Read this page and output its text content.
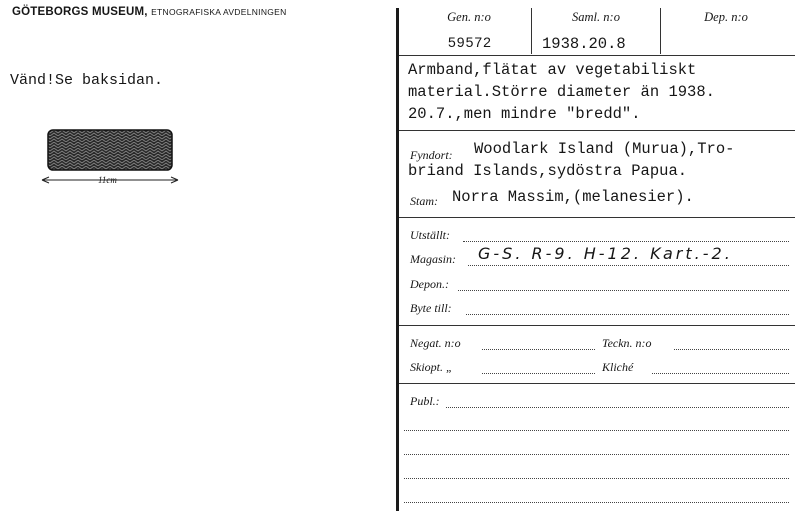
GÖTEBORGS MUSEUM, ETNOGRAFISKA AVDELNINGEN
Vänd!Se baksidan.
11cm
Gen. n:o	Saml. n:o	Dep. n:o
59572	1938.20.8
Armband,flätat av vegetabiliskt
material.Större diameter än 1938.
20.7.,men mindre "bredd".
Fyndort: Woodlark Island (Murua),Tro-
briand Islands,sydöstra Papua.
Stam: Norra Massim,(melanesier).
Utställt:
Magasin: G-S. R-9. H-12. Kart.-2.
Depon.:
Byte till:
Negat. n:o	Teckn. n:o
Skiopt. „	Kliché
Publ.:
